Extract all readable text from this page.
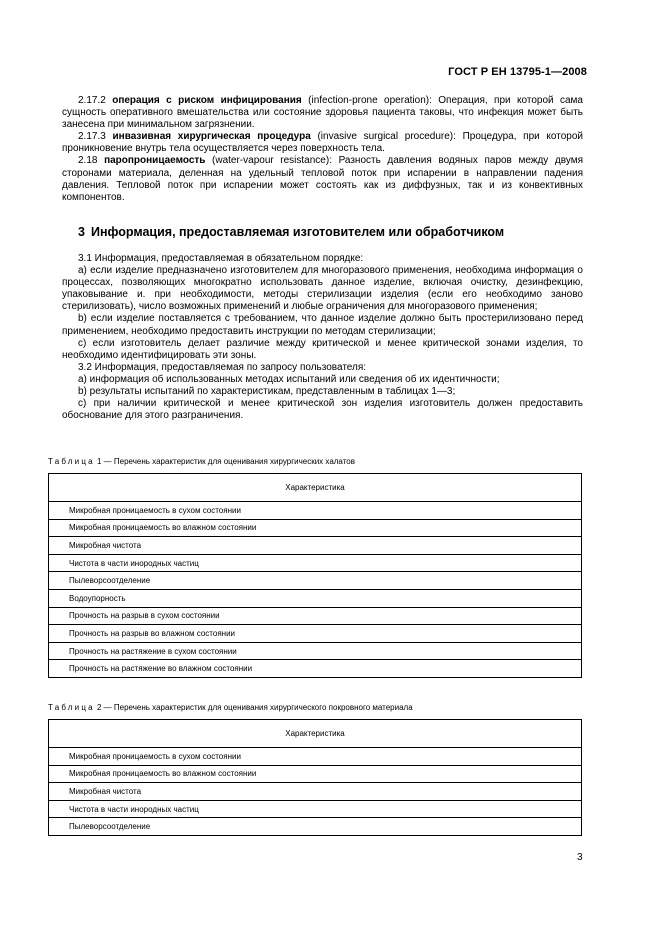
ГОСТ Р ЕН 13795-1—2008

2.17.2 операция с риском инфицирования (infection-prone operation): Операция, при которой сама сущность оперативного вмешательства или состояние здоровья пациента таковы, что инфекция может быть занесена при минимальном загрязнении.

2.17.3 инвазивная хирургическая процедура (invasive surgical procedure): Процедура, при которой проникновение внутрь тела осуществляется через поверхность тела.

2.18 паропроницаемость (water-vapour resistance): Разность давления водяных паров между двумя сторонами материала, деленная на удельный тепловой поток при испарении в направлении падения давления. Тепловой поток при испарении может состоять как из диффузных, так и из конвективных компонентов.

3 Информация, предоставляемая изготовителем или обработчиком

3.1 Информация, предоставляемая в обязательном порядке:

а) если изделие предназначено изготовителем для многоразового применения, необходима информация о процессах, позволяющих многократно использовать данное изделие, включая очистку, дезинфекцию, упаковывание и. при необходимости, методы стерилизации изделия (если его необходимо заново стерилизовать), число возможных применений и любые ограничения для многоразового применения;

b) если изделие поставляется с требованием, что данное изделие должно быть простерилизовано перед применением, необходимо предоставить инструкции по методам стерилизации;

с) если изготовитель делает различие между критической и менее критической зонами изделия, то необходимо идентифицировать эти зоны.

3.2 Информация, предоставляемая по запросу пользователя:

а) информация об использованных методах испытаний или сведения об их идентичности;

b) результаты испытаний по характеристикам, представленным в таблицах 1—3;

с) при наличии критической и менее критической зон изделия изготовитель должен предоставить обоснование для этого разграничения.

Таблица 1 — Перечень характеристик для оценивания хирургических халатов
Характеристика
Микробная проницаемость в сухом состоянии
Микробная проницаемость во влажном состоянии
Микробная чистота
Чистота в части инородных частиц
Пылеворсоотделение
Водоупорность
Прочность на разрыв в сухом состоянии
Прочность на разрыв во влажном состоянии
Прочность на растяжение в сухом состоянии
Прочность на растяжение во влажном состоянии
Таблица 2 — Перечень характеристик для оценивания хирургического покровного материала
Характеристика
Микробная проницаемость в сухом состоянии
Микробная проницаемость во влажном состоянии
Микробная чистота
Чистота в части инородных частиц
Пылеворсоотделение
3
